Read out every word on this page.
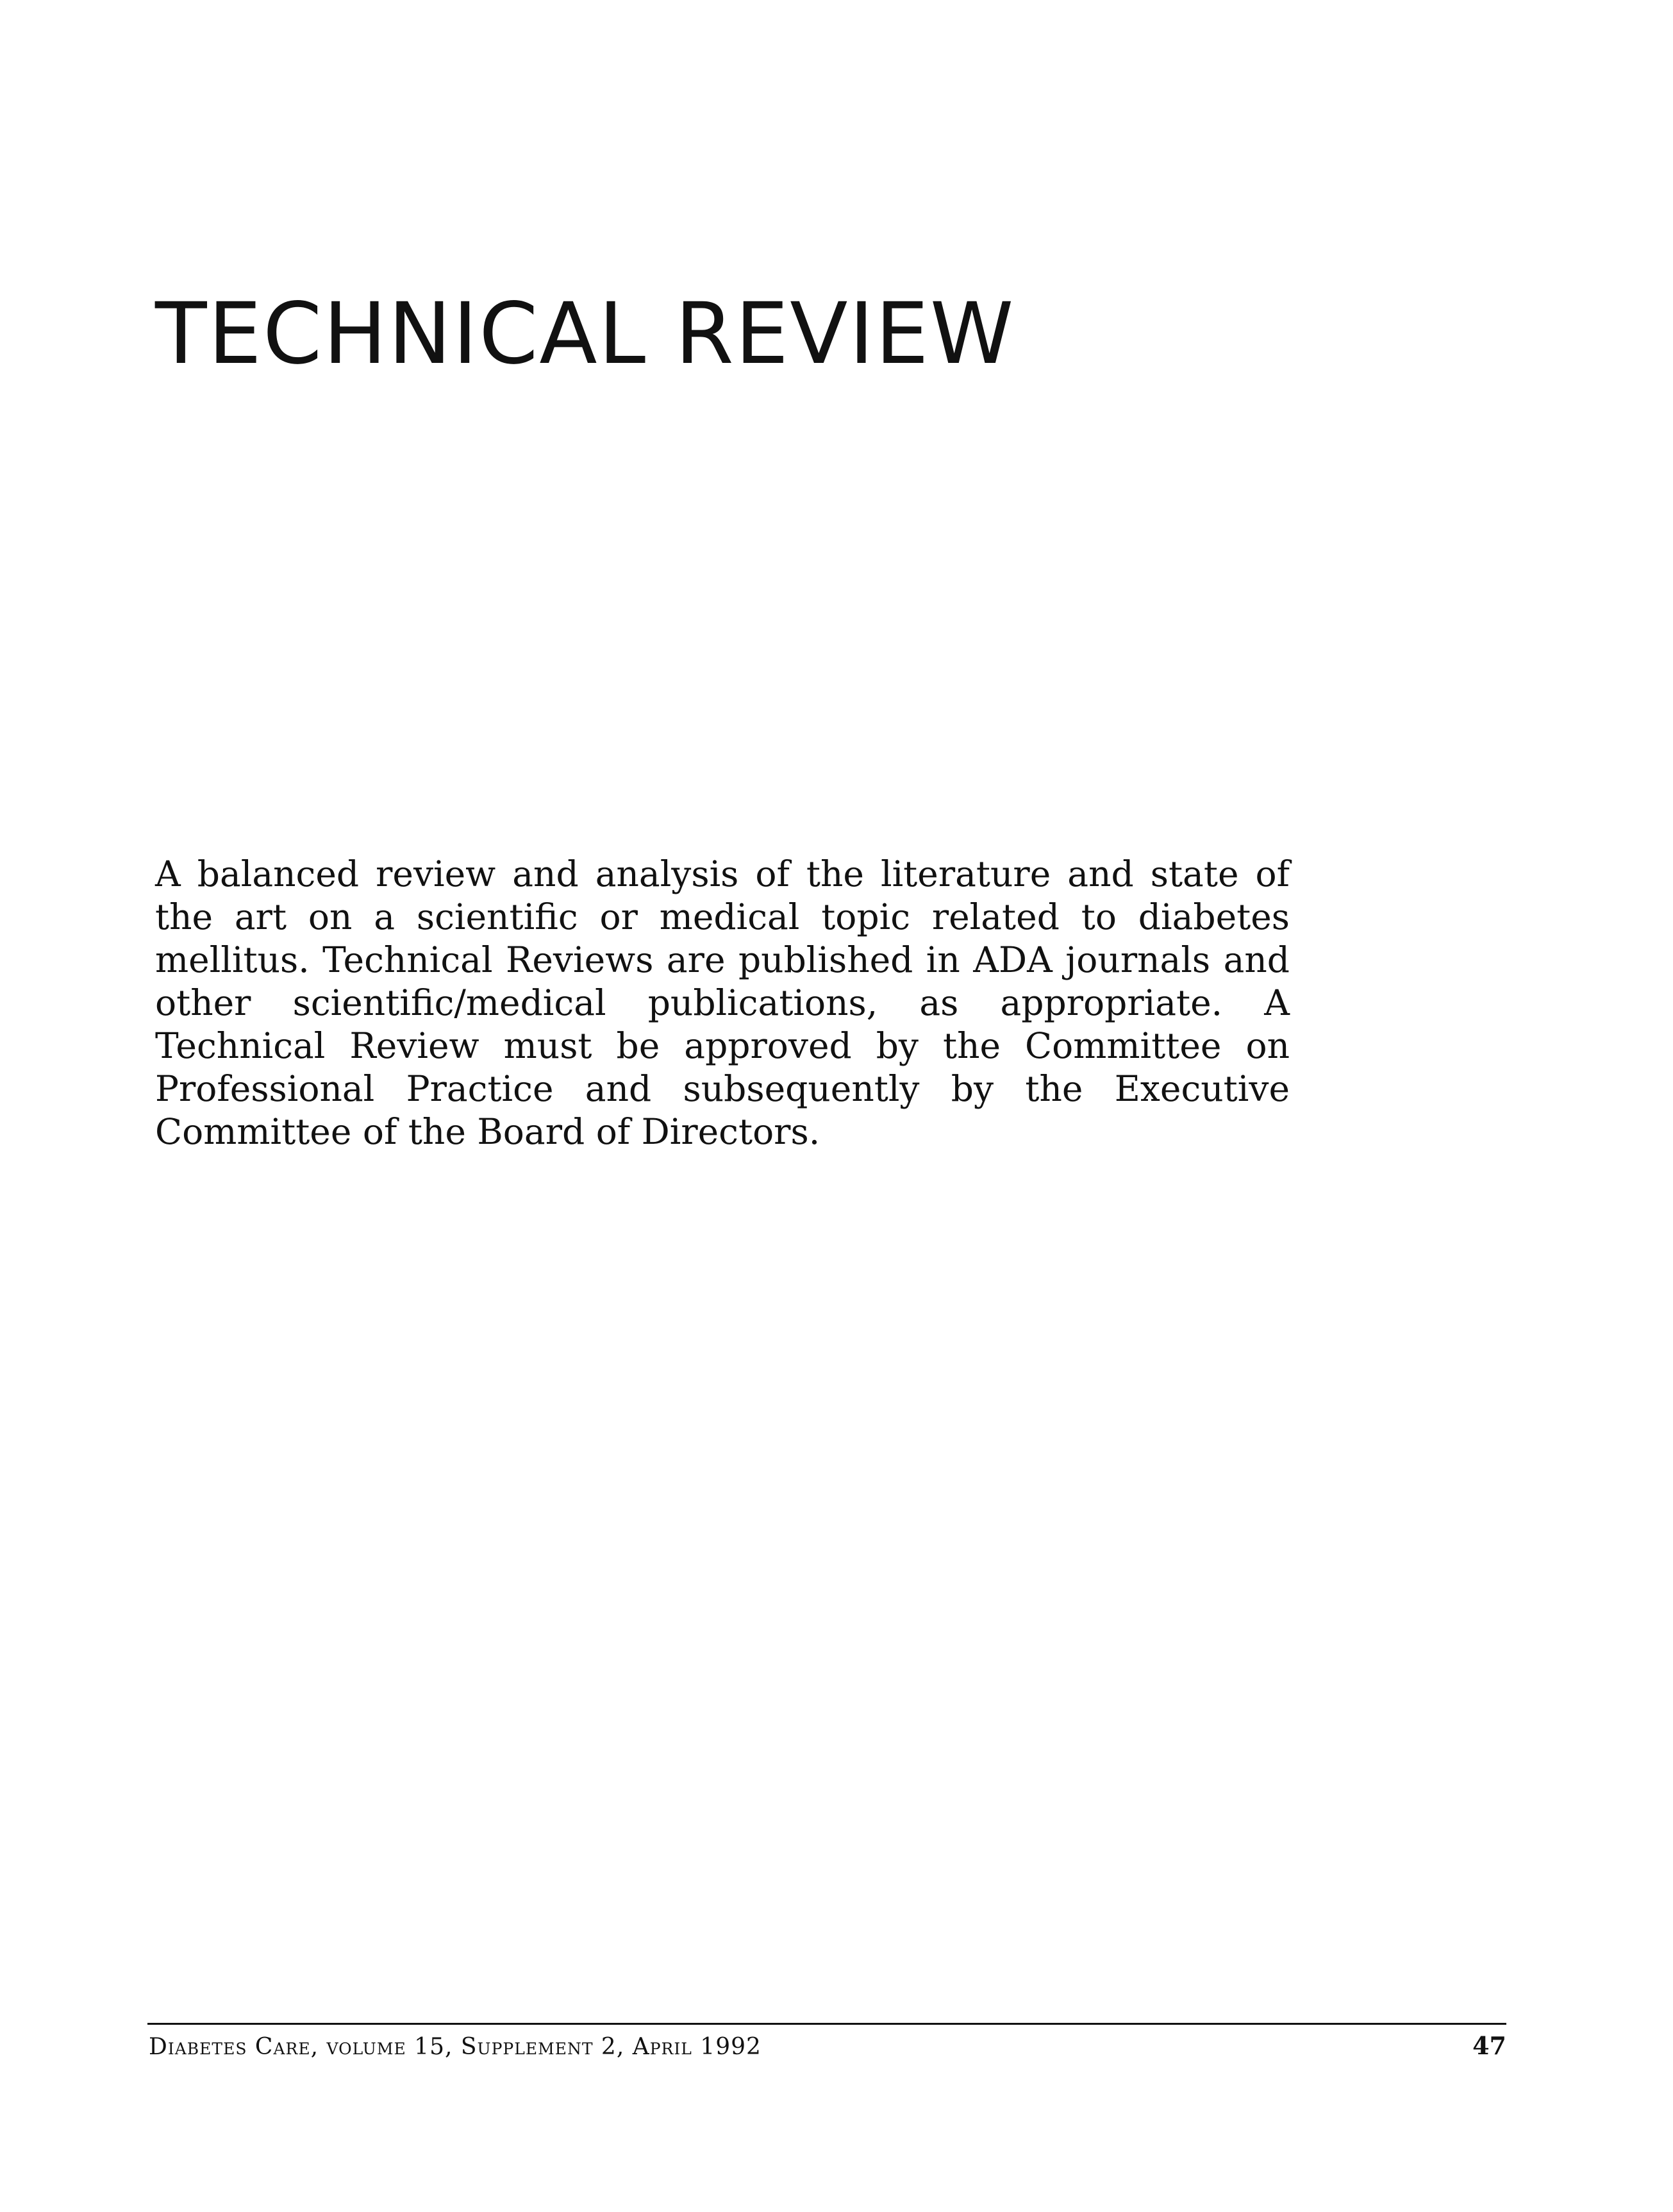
TECHNICAL REVIEW

A balanced review and analysis of the literature and state of the art on a scientific or medical topic related to diabetes mellitus. Technical Reviews are published in ADA journals and other scientific/medical publications, as appropriate. A Technical Review must be approved by the Committee on Professional Practice and subsequently by the Executive Committee of the Board of Directors.

Diabetes Care, volume 15, Supplement 2, April 1992	47
